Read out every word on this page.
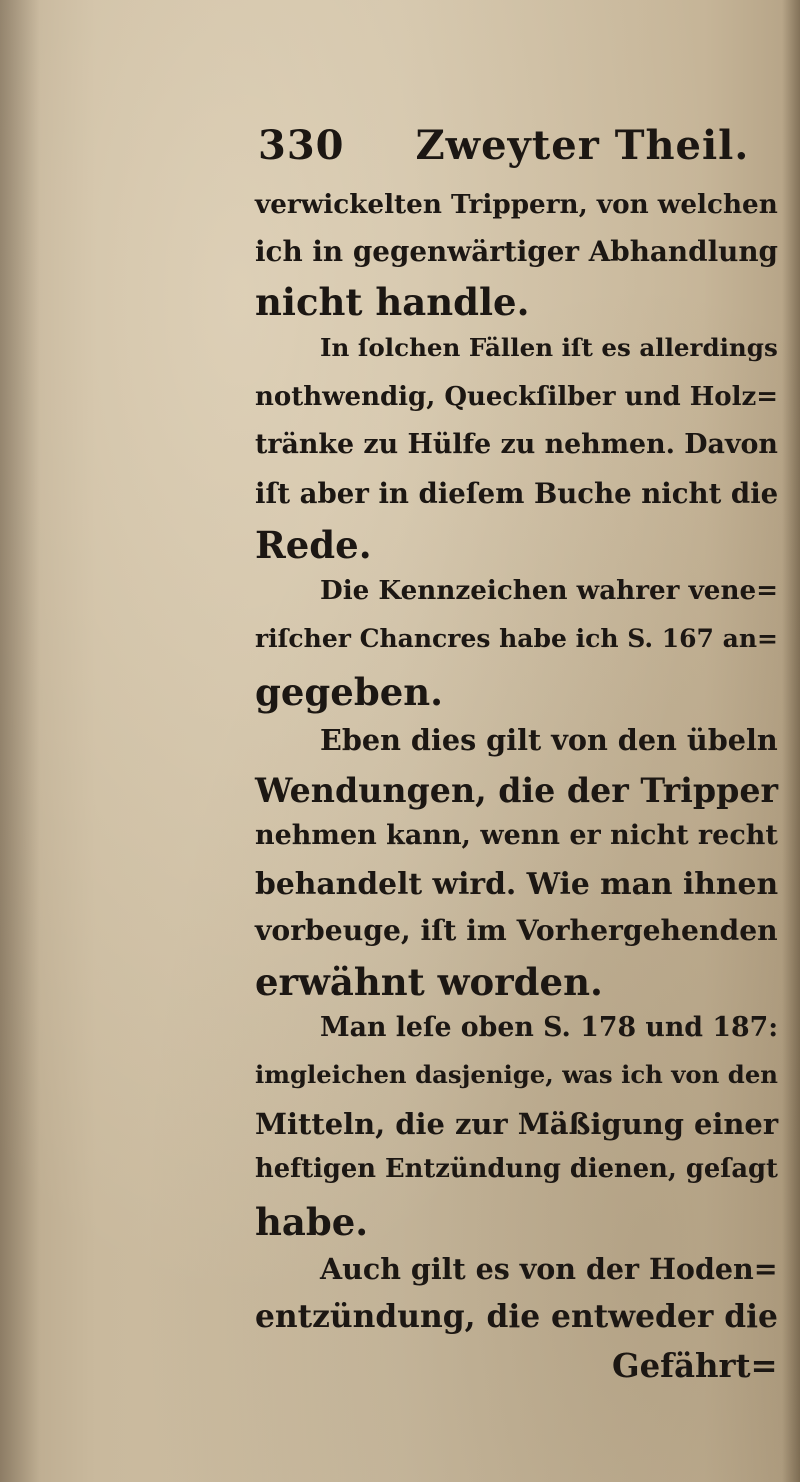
330 Zweyter Theil.
verwickelten Trippern, von welchen
ich in gegenwärtiger Abhandlung
nicht handle.
In ſolchen Fällen iſt es allerdings
nothwendig, Queckſilber und Holz=
tränke zu Hülfe zu nehmen. Davon
iſt aber in dieſem Buche nicht die
Rede.
Die Kennzeichen wahrer vene=
riſcher Chancres habe ich S. 167 an=
gegeben.
Eben dies gilt von den übeln
Wendungen, die der Tripper
nehmen kann, wenn er nicht recht
behandelt wird. Wie man ihnen
vorbeuge, iſt im Vorhergehenden
erwähnt worden.
Man leſe oben S. 178 und 187:
imgleichen dasjenige, was ich von den
Mitteln, die zur Mäßigung einer
heftigen Entzündung dienen, geſagt
habe.
Auch gilt es von der Hoden=
entzündung, die entweder die
Gefährt=
